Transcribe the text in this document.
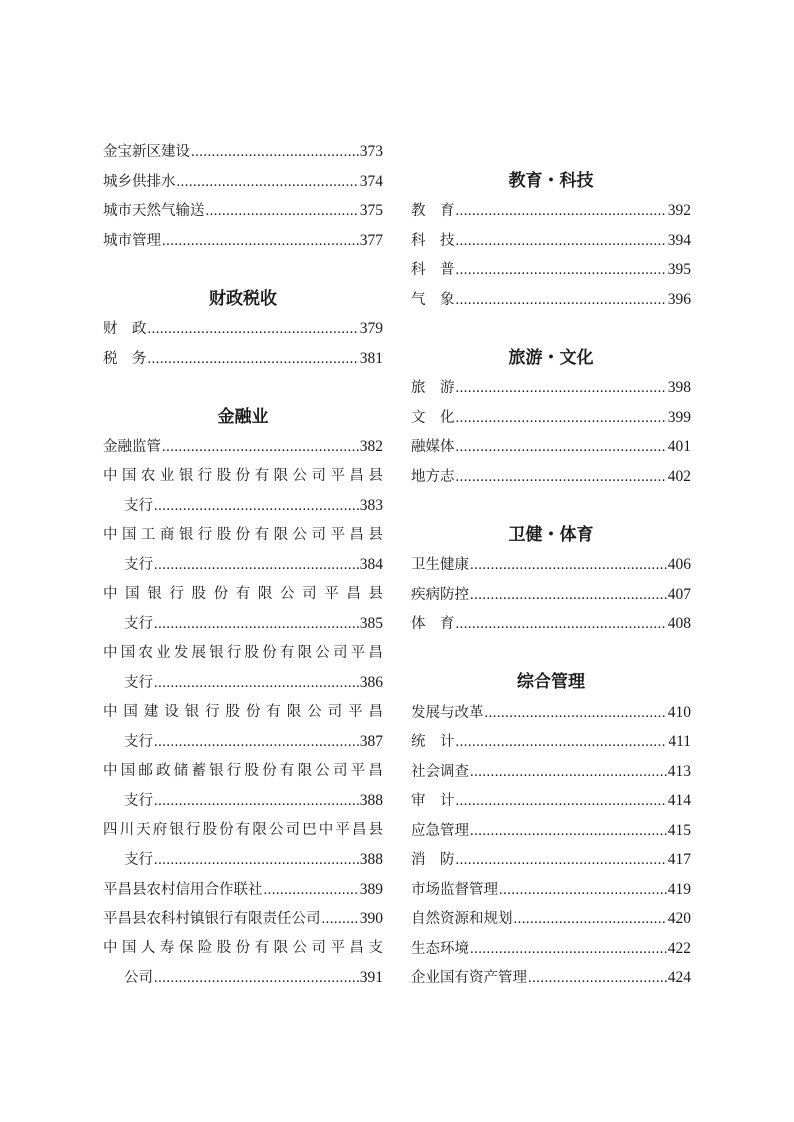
金宝新区建设 .....	373
城乡供排水 .....	374
城市天然气输送 .....	375
城市管理 .....	377
财政税收
财　政 .....	379
税　务 .....	381
金融业
金融监管 .....	382
中 国 农 业 银 行 股 份 有 限 公 司 平 昌 县
支行 .....	383
中 国 工 商 银 行 股 份 有 限 公 司 平 昌 县
支行 .....	384
中 国 银 行 股 份 有 限 公 司 平 昌 县
支行 .....	385
中 国 农 业 发 展 银 行 股 份 有 限 公 司 平 昌
支行 .....	386
中 国 建 设 银 行 股 份 有 限 公 司 平 昌
支行 .....	387
中 国 邮 政 储 蓄 银 行 股 份 有 限 公 司 平 昌
支行 .....	388
四 川 天 府 银 行 股 份 有 限 公 司 巴 中 平 昌 县
支行 .....	388
平昌县农村信用合作联社 .....	389
平昌县农科村镇银行有限责任公司 .....	390
中 国 人 寿 保 险 股 份 有 限 公 司 平 昌 支
公司 .....	391
教育・科技
教　育 .....	392
科　技 .....	394
科　普 .....	395
气　象 .....	396
旅游・文化
旅　游 .....	398
文　化 .....	399
融媒体 .....	401
地方志 .....	402
卫健・体育
卫生健康 .....	406
疾病防控 .....	407
体　育 .....	408
综合管理
发展与改革 .....	410
统　计 .....	411
社会调查 .....	413
审　计 .....	414
应急管理 .....	415
消　防 .....	417
市场监督管理 .....	419
自然资源和规划 .....	420
生态环境 .....	422
企业国有资产管理 .....	424
